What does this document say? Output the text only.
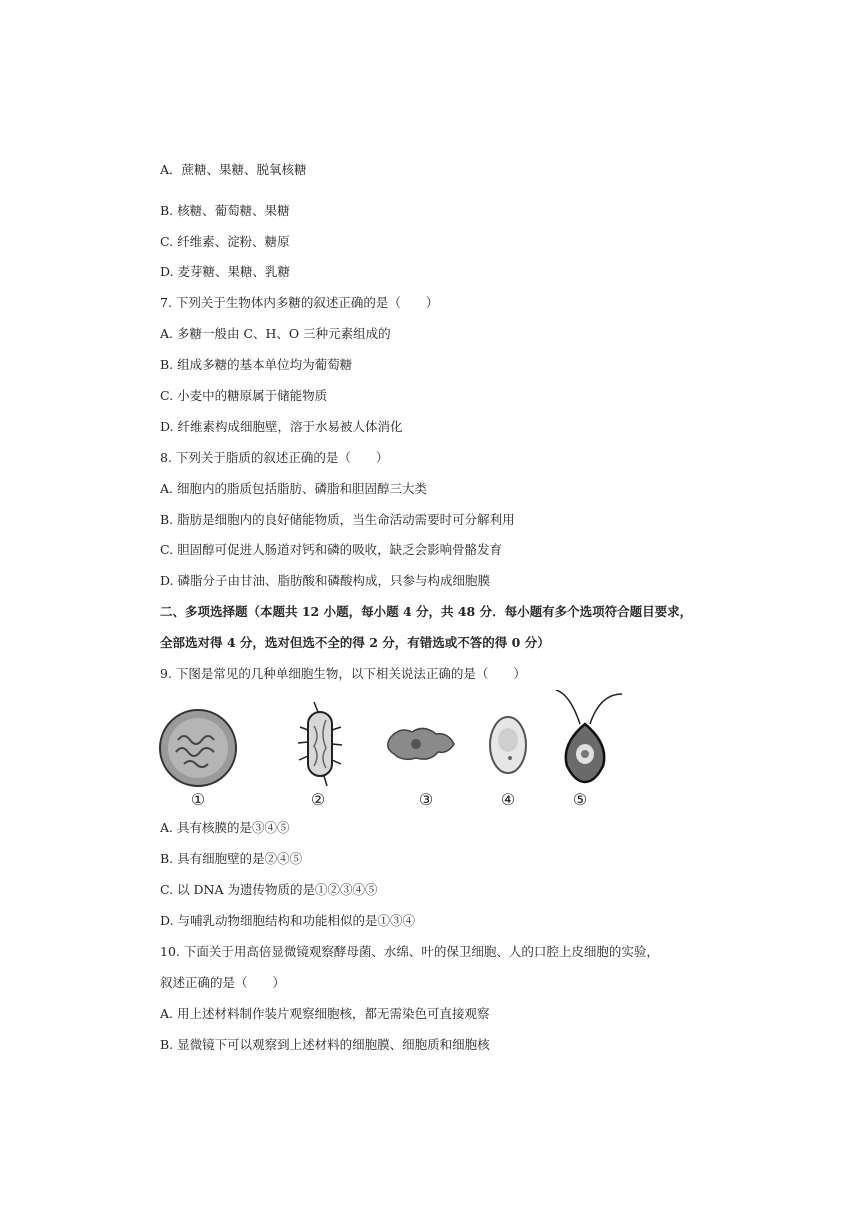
A．蔗糖、果糖、脱氧核糖
B. 核糖、葡萄糖、果糖
C. 纤维素、淀粉、糖原
D. 麦芽糖、果糖、乳糖
7. 下列关于生物体内多糖的叙述正确的是（　　）
A. 多糖一般由 C、H、O 三种元素组成的
B. 组成多糖的基本单位均为葡萄糖
C. 小麦中的糖原属于储能物质
D. 纤维素构成细胞壁，溶于水易被人体消化
8. 下列关于脂质的叙述正确的是（　　）
A. 细胞内的脂质包括脂肪、磷脂和胆固醇三大类
B. 脂肪是细胞内的良好储能物质，当生命活动需要时可分解利用
C. 胆固醇可促进人肠道对钙和磷的吸收，缺乏会影响骨骼发育
D. 磷脂分子由甘油、脂肪酸和磷酸构成，只参与构成细胞膜
二、多项选择题（本题共 12 小题，每小题 4 分，共 48 分．每小题有多个选项符合题目要求，
全部选对得 4 分，选对但选不全的得 2 分，有错选或不答的得 0 分）
9. 下图是常见的几种单细胞生物，以下相关说法正确的是（　　）
①	②	③	④	⑤
A. 具有核膜的是③④⑤
B. 具有细胞壁的是②④⑤
C. 以 DNA 为遗传物质的是①②③④⑤
D. 与哺乳动物细胞结构和功能相似的是①③④
10. 下面关于用高倍显微镜观察酵母菌、水绵、叶的保卫细胞、人的口腔上皮细胞的实验，
叙述正确的是（　　）
A. 用上述材料制作装片观察细胞核，都无需染色可直接观察
B. 显微镜下可以观察到上述材料的细胞膜、细胞质和细胞核
